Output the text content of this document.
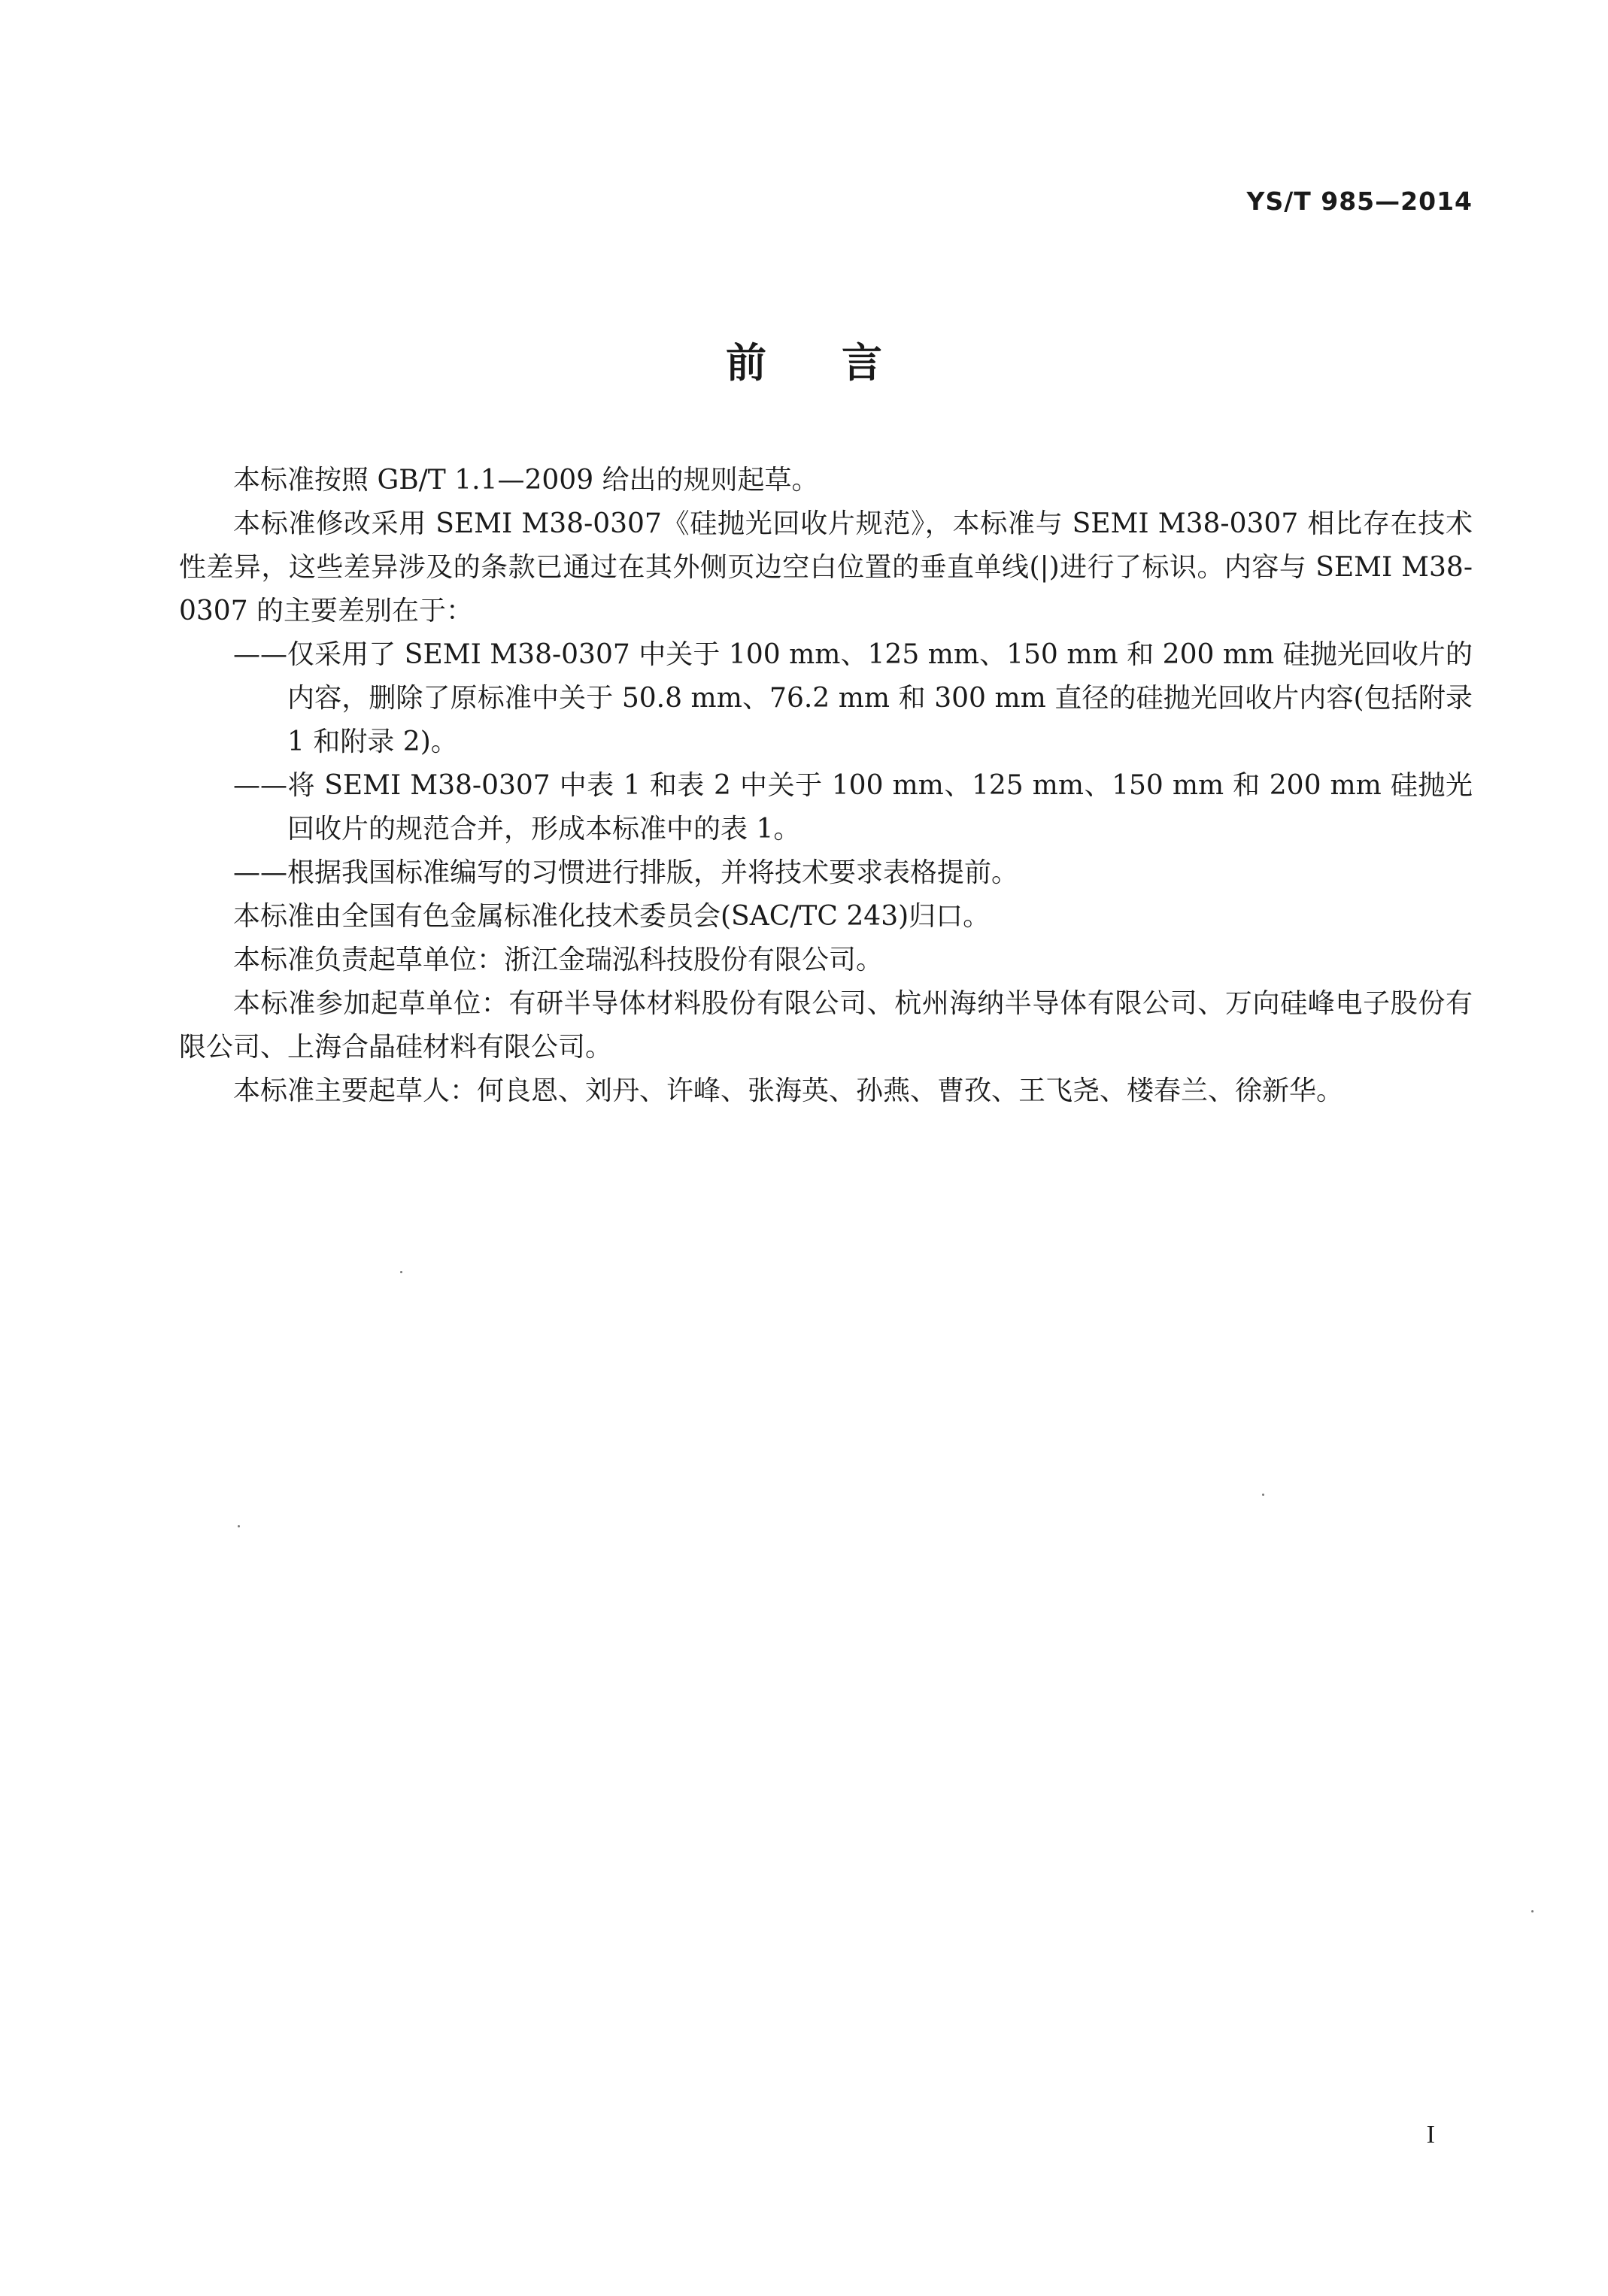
YS/T 985—2014
前言

本标准按照 GB/T 1.1—2009 给出的规则起草。

本标准修改采用 SEMI M38-0307《硅抛光回收片规范》，本标准与 SEMI M38-0307 相比存在技术性差异，这些差异涉及的条款已通过在其外侧页边空白位置的垂直单线(|)进行了标识。内容与 SEMI M38-0307 的主要差别在于：

——仅采用了 SEMI M38-0307 中关于 100 mm、125 mm、150 mm 和 200 mm 硅抛光回收片的内容，删除了原标准中关于 50.8 mm、76.2 mm 和 300 mm 直径的硅抛光回收片内容(包括附录 1 和附录 2)。

——将 SEMI M38-0307 中表 1 和表 2 中关于 100 mm、125 mm、150 mm 和 200 mm 硅抛光回收片的规范合并，形成本标准中的表 1。

——根据我国标准编写的习惯进行排版，并将技术要求表格提前。

本标准由全国有色金属标准化技术委员会(SAC/TC 243)归口。

本标准负责起草单位：浙江金瑞泓科技股份有限公司。

本标准参加起草单位：有研半导体材料股份有限公司、杭州海纳半导体有限公司、万向硅峰电子股份有限公司、上海合晶硅材料有限公司。

本标准主要起草人：何良恩、刘丹、许峰、张海英、孙燕、曹孜、王飞尧、楼春兰、徐新华。

I
